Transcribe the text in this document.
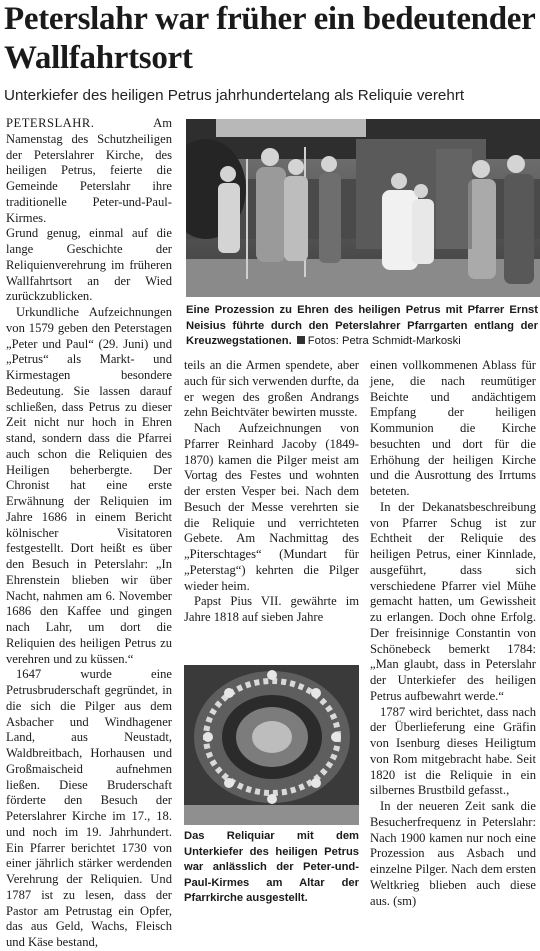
Peterslahr war früher ein bedeutender Wallfahrtsort
Unterkiefer des heiligen Petrus jahrhundertelang als Reliquie verehrt

PETERSLAHR.	Am Namenstag des Schutzheiligen der Peterslahrer Kirche, des heiligen Petrus, feierte die Gemeinde Peterslahr ihre traditionelle Peter-und-Paul-Kirmes.

Grund genug, einmal auf die lange Geschichte der Reliquienverehrung im früheren Wallfahrtsort an der Wied zurückzublicken.

Urkundliche Aufzeichnungen von 1579 geben den Peterstagen „Peter und Paul“ (29. Juni) und „Petrus“ als Markt- und Kirmestagen besondere Bedeutung. Sie lassen darauf schließen, dass Petrus zu dieser Zeit nicht nur hoch in Ehren stand, sondern dass die Pfarrei auch schon die Reliquien des Heiligen beherbergte. Der Chronist hat eine erste Erwähnung der Reliquien im Jahre 1686 in einem Bericht kölnischer Visitatoren festgestellt. Dort heißt es über den Besuch in Peterslahr: „In Ehrenstein blieben wir über Nacht, nahmen am 6. November 1686 den Kaffee und gingen nach Lahr, um dort die Reliquien des heiligen Petrus zu verehren und zu küssen.“

1647 wurde eine Petrusbruderschaft gegründet, in die sich die Pilger aus dem Asbacher und Windhagener Land, aus Neustadt, Waldbreitbach, Horhausen und Großmaischeid aufnehmen ließen. Diese Bruderschaft förderte den Besuch der Peterslahrer Kirche im 17., 18. und noch im 19. Jahrhundert. Ein Pfarrer berichtet 1730 von einer jährlich stärker werdenden Verehrung der Reliquien. Und 1787 ist zu lesen, dass der Pastor am Petrustag ein Opfer, das aus Geld, Wachs, Fleisch und Käse bestand,

Eine Prozession zu Ehren des heiligen Petrus mit Pfarrer Ernst Neisius führte durch den Peterslahrer Pfarrgarten entlang der Kreuzwegstationen. Fotos: Petra Schmidt-Markoski

teils an die Armen spendete, aber auch für sich verwenden durfte, da er wegen des großen Andrangs zehn Beichtväter bewirten musste.

Nach Aufzeichnungen von Pfarrer Reinhard Jacoby (1849-1870) kamen die Pilger meist am Vortag des Festes und wohnten der ersten Vesper bei. Nach dem Besuch der Messe verehrten sie die Reliquie und verrichteten Gebete. Am Nachmittag des „Piterschtages“ (Mundart für „Peterstag“) kehrten die Pilger wieder heim.

Papst Pius VII. gewährte im Jahre 1818 auf sieben Jahre

Das Reliquiar mit dem Unterkiefer des heiligen Petrus war anlässlich der Peter-und-Paul-Kirmes am Altar der Pfarrkirche ausgestellt.

einen vollkommenen Ablass für jene, die nach reumütiger Beichte und andächtigem Empfang der heiligen Kommunion die Kirche besuchten und dort für die Erhöhung der heiligen Kirche und die Ausrottung des Irrtums beteten.

In der Dekanatsbeschreibung von Pfarrer Schug ist zur Echtheit der Reliquie des heiligen Petrus, einer Kinnlade, ausgeführt, dass sich verschiedene Pfarrer viel Mühe gemacht hatten, um Gewissheit zu erlangen. Doch ohne Erfolg. Der freisinnige Constantin von Schönebeck bemerkt 1784: „Man glaubt, dass in Peterslahr der Unterkiefer des heiligen Petrus aufbewahrt werde.“

1787 wird berichtet, dass nach der Überlieferung eine Gräfin von Isenburg dieses Heiligtum von Rom mitgebracht habe. Seit 1820 ist die Reliquie in ein silbernes Brustbild gefasst.,

In der neueren Zeit sank die Besucherfrequenz in Peterslahr: Nach 1900 kamen nur noch eine Prozession aus Asbach und einzelne Pilger. Nach dem ersten Weltkrieg blieben auch diese aus. (sm)
